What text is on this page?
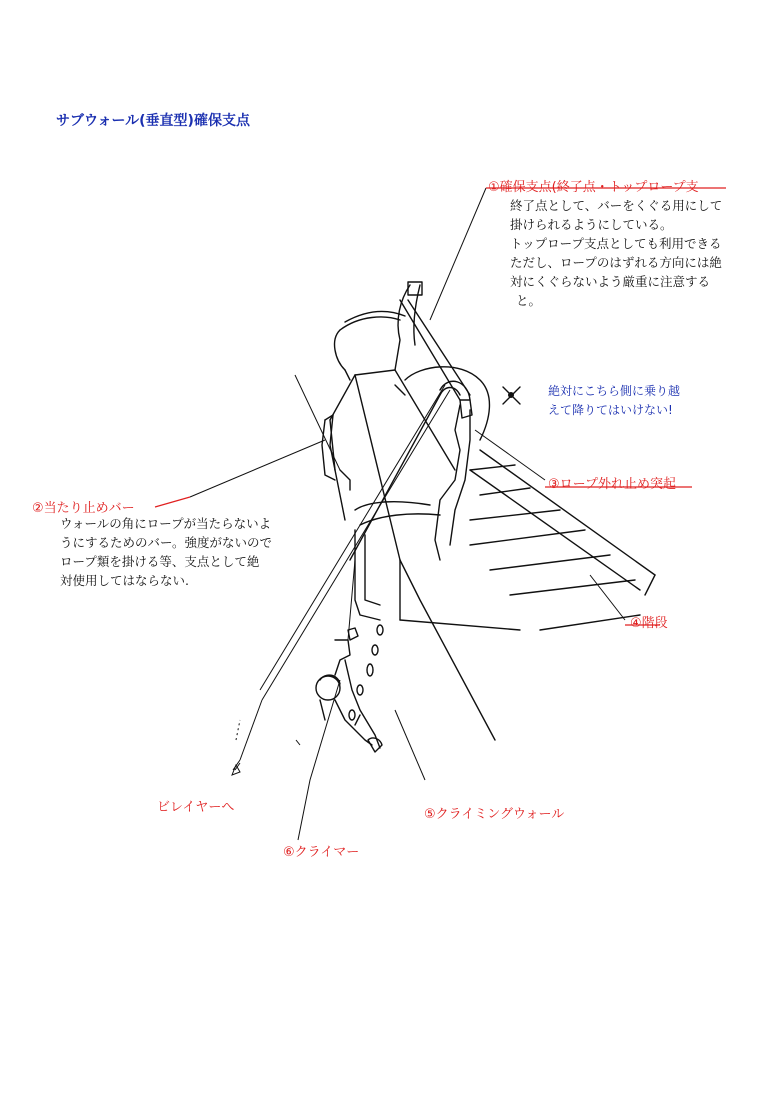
サブウォール(垂直型)確保支点
①確保支点(終了点・トップロープ支
終了点として、バーをくぐる用にして
掛けられるようにしている。
トップロープ支点としても利用できる
ただし、ロープのはずれる方向には絶
対にくぐらないよう厳重に注意する
と。
絶対にこちら側に乗り越
えて降りてはいけない!
②当たり止めバー
ウォールの角にロープが当たらないよ
うにするためのバー。強度がないので
ロープ類を掛ける等、支点として絶
対使用してはならない.
③ロープ外れ止め突起
④階段
⑤クライミングウォール
⑥クライマー
ビレイヤーへ
